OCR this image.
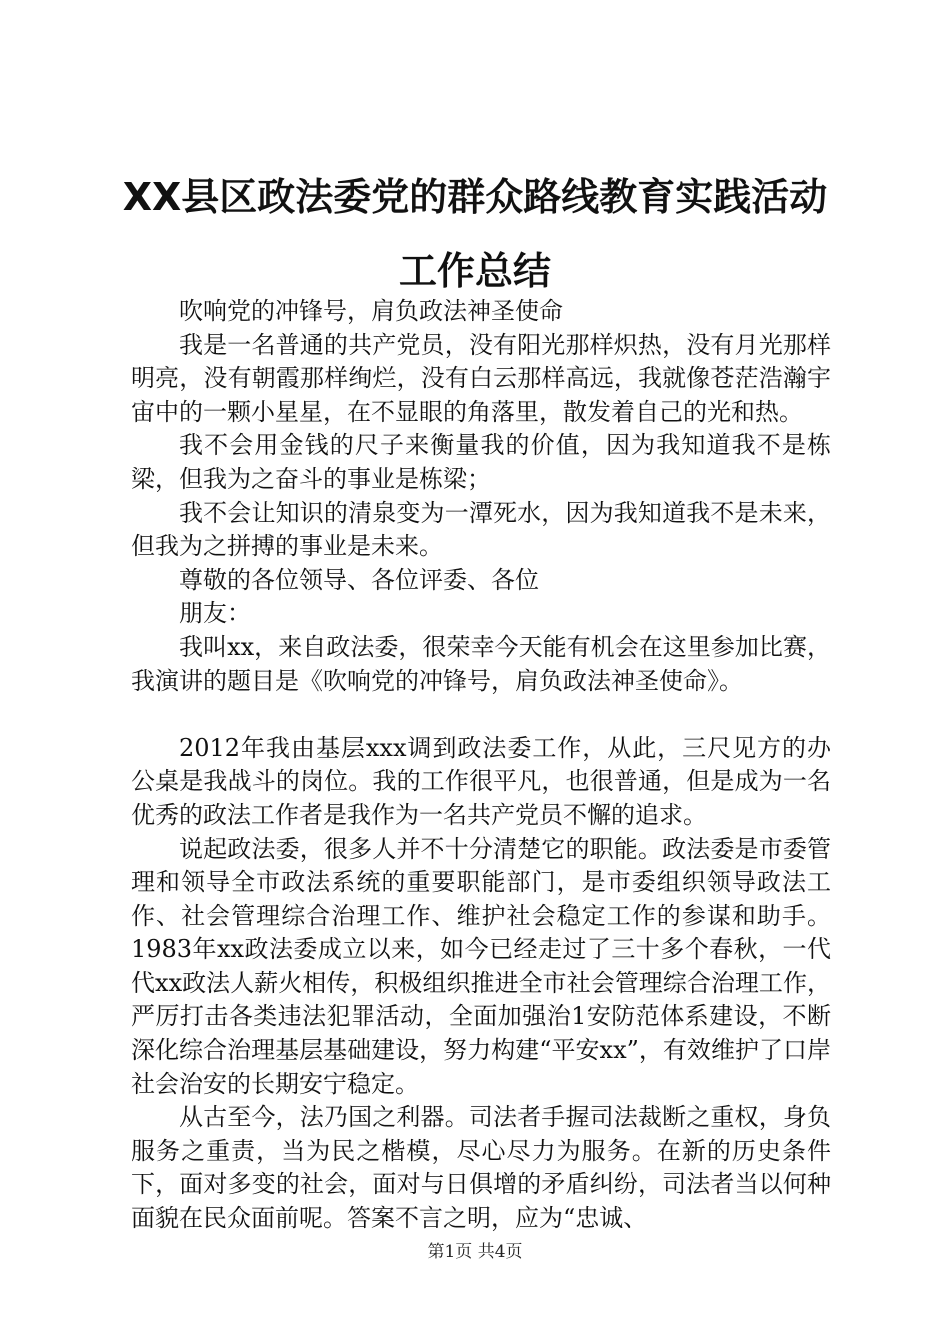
XX县区政法委党的群众路线教育实践活动工作总结

吹响党的冲锋号，肩负政法神圣使命

我是一名普通的共产党员，没有阳光那样炽热，没有月光那样明亮，没有朝霞那样绚烂，没有白云那样高远，我就像苍茫浩瀚宇宙中的一颗小星星，在不显眼的角落里，散发着自己的光和热。

我不会用金钱的尺子来衡量我的价值，因为我知道我不是栋梁，但我为之奋斗的事业是栋梁；

我不会让知识的清泉变为一潭死水，因为我知道我不是未来，但我为之拼搏的事业是未来。

尊敬的各位领导、各位评委、各位

朋友：

我叫xx，来自政法委，很荣幸今天能有机会在这里参加比赛，我演讲的题目是《吹响党的冲锋号，肩负政法神圣使命》。

2012年我由基层xxx调到政法委工作，从此，三尺见方的办公桌是我战斗的岗位。我的工作很平凡，也很普通，但是成为一名优秀的政法工作者是我作为一名共产党员不懈的追求。

说起政法委，很多人并不十分清楚它的职能。政法委是市委管理和领导全市政法系统的重要职能部门，是市委组织领导政法工作、社会管理综合治理工作、维护社会稳定工作的参谋和助手。1983年xx政法委成立以来，如今已经走过了三十多个春秋，一代代xx政法人薪火相传，积极组织推进全市社会管理综合治理工作，严厉打击各类违法犯罪活动，全面加强治1安防范体系建设，不断深化综合治理基层基础建设，努力构建“平安xx”，有效维护了口岸社会治安的长期安宁稳定。

从古至今，法乃国之利器。司法者手握司法裁断之重权，身负服务之重责，当为民之楷模，尽心尽力为服务。在新的历史条件下，面对多变的社会，面对与日俱增的矛盾纠纷，司法者当以何种面貌在民众面前呢。答案不言之明，应为“忠诚、

第1页 共4页
